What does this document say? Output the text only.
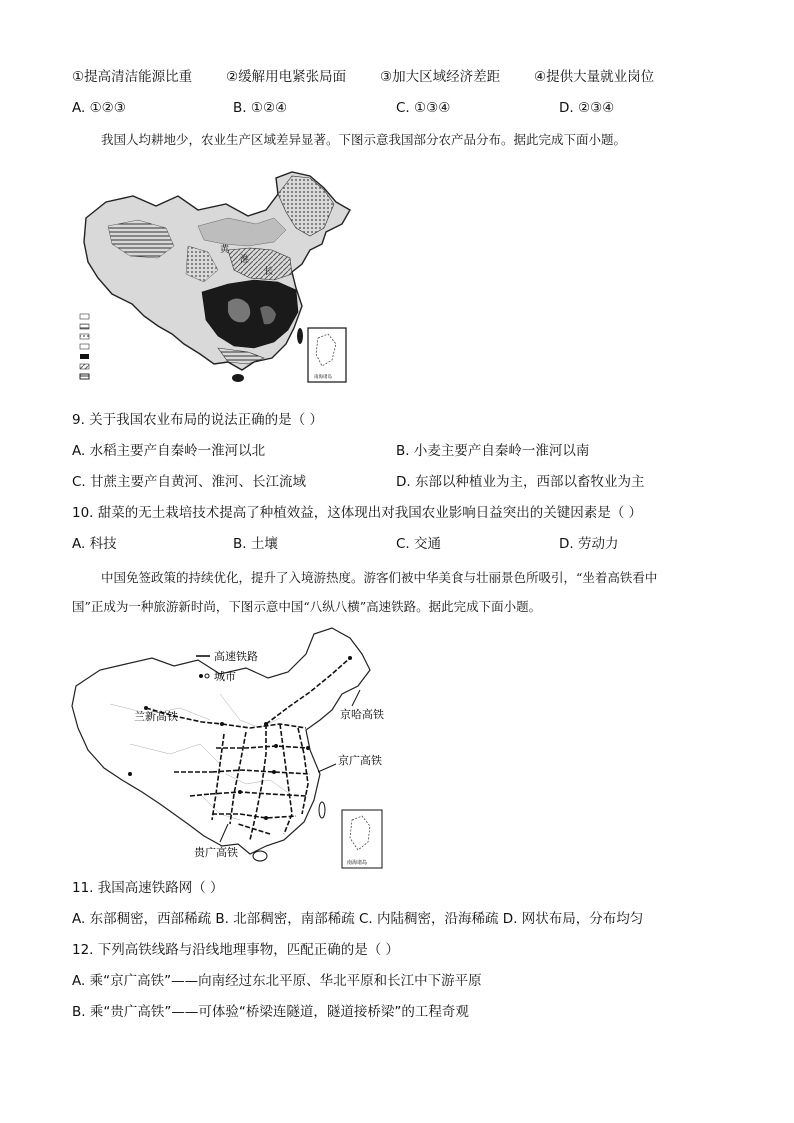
①提高清洁能源比重	②缓解用电紧张局面	③加大区域经济差距	④提供大量就业岗位
A. ①②③	B. ①②④	C. ①③④	D. ②③④
我国人均耕地少，农业生产区域差异显著。下图示意我国部分农产品分布。据此完成下面小题。
黄
淮
长
南海诸岛
9. 关于我国农业布局的说法正确的是（ ）
A. 水稻主要产自秦岭一淮河以北	B. 小麦主要产自秦岭一淮河以南
C. 甘蔗主要产自黄河、淮河、长江流域	D. 东部以种植业为主，西部以畜牧业为主
10. 甜菜的无土栽培技术提高了种植效益，这体现出对我国农业影响日益突出的关键因素是（ ）
A. 科技	B. 土壤	C. 交通	D. 劳动力
中国免签政策的持续优化，提升了入境游热度。游客们被中华美食与壮丽景色所吸引，“坐着高铁看中
国”正成为一种旅游新时尚，下图示意中国“八纵八横”高速铁路。据此完成下面小题。
高速铁路
城市
兰新高铁	京哈高铁
京广高铁
贵广高铁
南海诸岛
11. 我国高速铁路网（ ）
A. 东部稠密，西部稀疏 B. 北部稠密，南部稀疏 C. 内陆稠密，沿海稀疏 D. 网状布局，分布均匀
12. 下列高铁线路与沿线地理事物，匹配正确的是（ ）
A. 乘“京广高铁”——向南经过东北平原、华北平原和长江中下游平原
B. 乘“贵广高铁”——可体验“桥梁连隧道，隧道接桥梁”的工程奇观
